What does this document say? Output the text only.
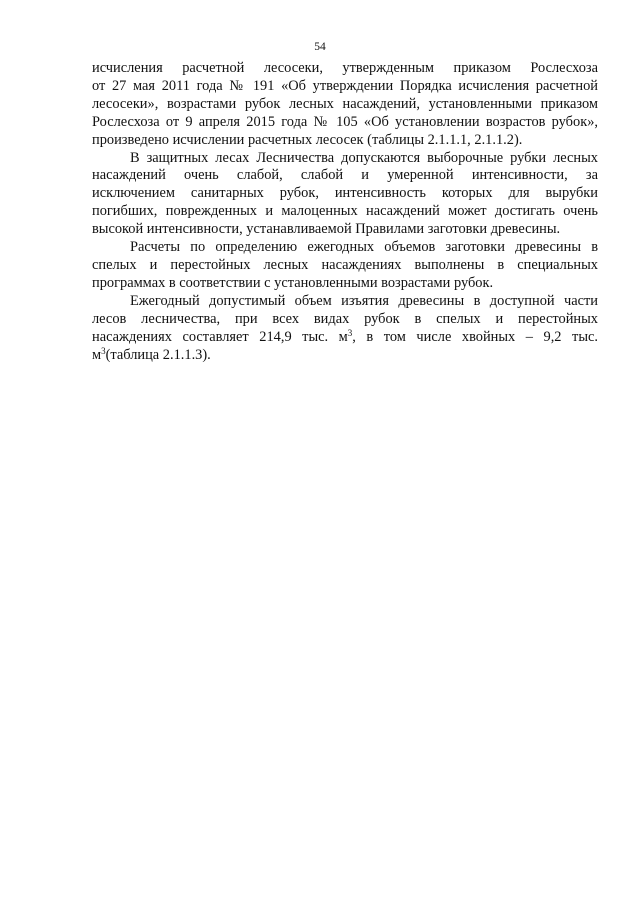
54

исчисления расчетной лесосеки, утвержденным приказом Рослесхоза
от 27 мая 2011 года № 191 «Об утверждении Порядка исчисления расчетной
лесосеки», возрастами рубок лесных насаждений, установленными приказом
Рослесхоза от 9 апреля 2015 года № 105 «Об установлении возрастов рубок»,
произведено исчислении расчетных лесосек (таблицы 2.1.1.1, 2.1.1.2).

В защитных лесах Лесничества допускаются выборочные рубки лесных
насаждений очень слабой, слабой и умеренной интенсивности, за
исключением санитарных рубок, интенсивность которых для вырубки
погибших, поврежденных и малоценных насаждений может достигать очень
высокой интенсивности, устанавливаемой Правилами заготовки древесины.

Расчеты по определению ежегодных объемов заготовки древесины в
спелых и перестойных лесных насаждениях выполнены в специальных
программах в соответствии с установленными возрастами рубок.

Ежегодный допустимый объем изъятия древесины в доступной части
лесов лесничества, при всех видах рубок в спелых и перестойных
насаждениях составляет 214,9 тыс. $м^3$, в том числе хвойных – 9,2 тыс.
$м^3(таблица$ 2.1.1.3).
